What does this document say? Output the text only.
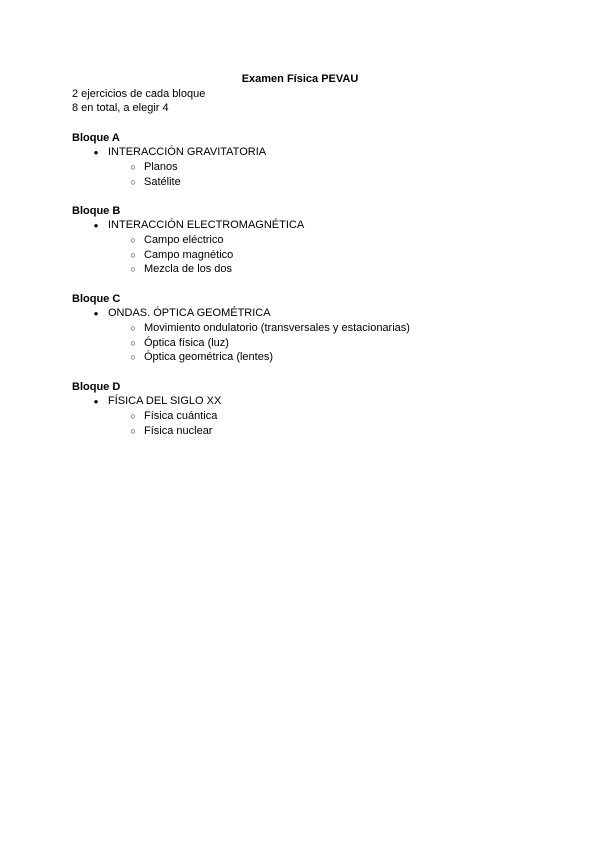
Examen Física PEVAU
2 ejercicios de cada bloque
8 en total, a elegir 4
Bloque A
● INTERACCIÓN GRAVITATORIA
○ Planos
○ Satélite
Bloque B
● INTERACCIÓN ELECTROMAGNÉTICA
○ Campo eléctrico
○ Campo magnético
○ Mezcla de los dos
Bloque C
● ONDAS. ÓPTICA GEOMÉTRICA
○ Movimiento ondulatorio (transversales y estacionarias)
○ Óptica física (luz)
○ Óptica geométrica (lentes)
Bloque D
● FÍSICA DEL SIGLO XX
○ Física cuántica
○ Física nuclear
